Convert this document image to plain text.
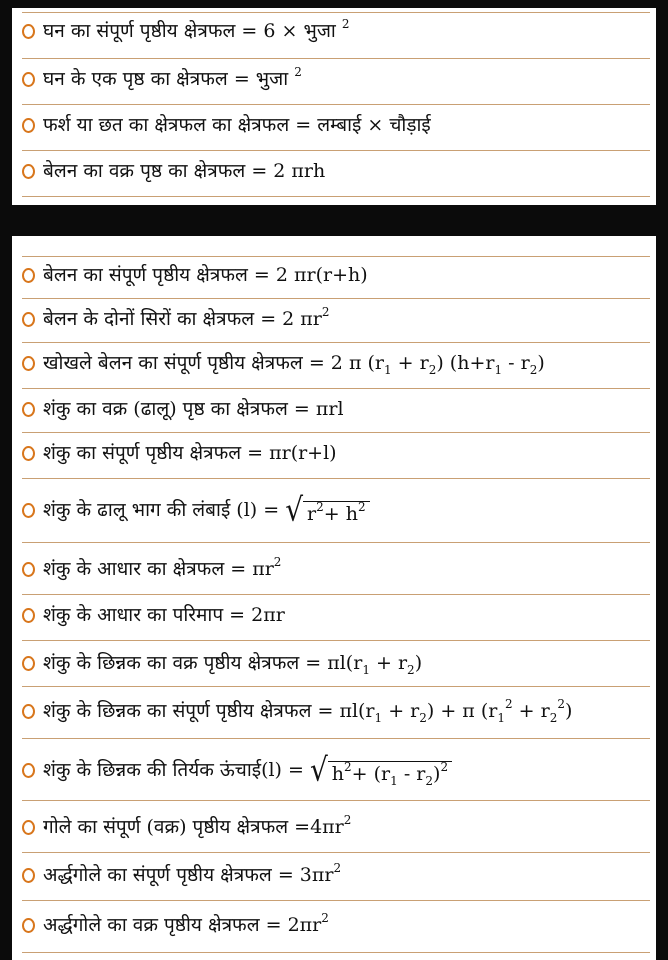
घन का संपूर्ण पृष्ठीय क्षेत्रफल = 6 × भुजा $^2$
घन के एक पृष्ठ का क्षेत्रफल = भुजा $^2$
फर्श या छत का क्षेत्रफल का क्षेत्रफल = लम्बाई × चौड़ाई
बेलन का वक्र पृष्ठ का क्षेत्रफल = 2 πrh
बेलन का संपूर्ण पृष्ठीय क्षेत्रफल = 2 πr(r+h)
बेलन के दोनों सिरों का क्षेत्रफल = 2 $\pi r^2$
खोखले बेलन का संपूर्ण पृष्ठीय क्षेत्रफल = 2 π $(r_1 + r_2)$ $(h+r_1 - r_2)$
शंकु का वक्र (ढालू) पृष्ठ का क्षेत्रफल = πrl
शंकु का संपूर्ण पृष्ठीय क्षेत्रफल = πr(r+l)
शंकु के ढालू भाग की लंबाई (l) = √ $r^2+ h^2$
शंकु के आधार का क्षेत्रफल = $\pi r^2$
शंकु के आधार का परिमाप = 2πr
शंकु के छिन्नक का वक्र पृष्ठीय क्षेत्रफल = $\pi l(r_1 + r_2)$
शंकु के छिन्नक का संपूर्ण पृष्ठीय क्षेत्रफल = $\pi l(r_1 + r_2) + \pi$ $(r_1^2 + r_2^2)$
शंकु के छिन्नक की तिर्यक ऊंचाई(l) = √ $h^2+ (r_1 - r_2)^2$
गोले का संपूर्ण (वक्र) पृष्ठीय क्षेत्रफल $=4\pi r^2$
अर्द्धगोले का संपूर्ण पृष्ठीय क्षेत्रफल = $3\pi r^2$
अर्द्धगोले का वक्र पृष्ठीय क्षेत्रफल = $2\pi r^2$
